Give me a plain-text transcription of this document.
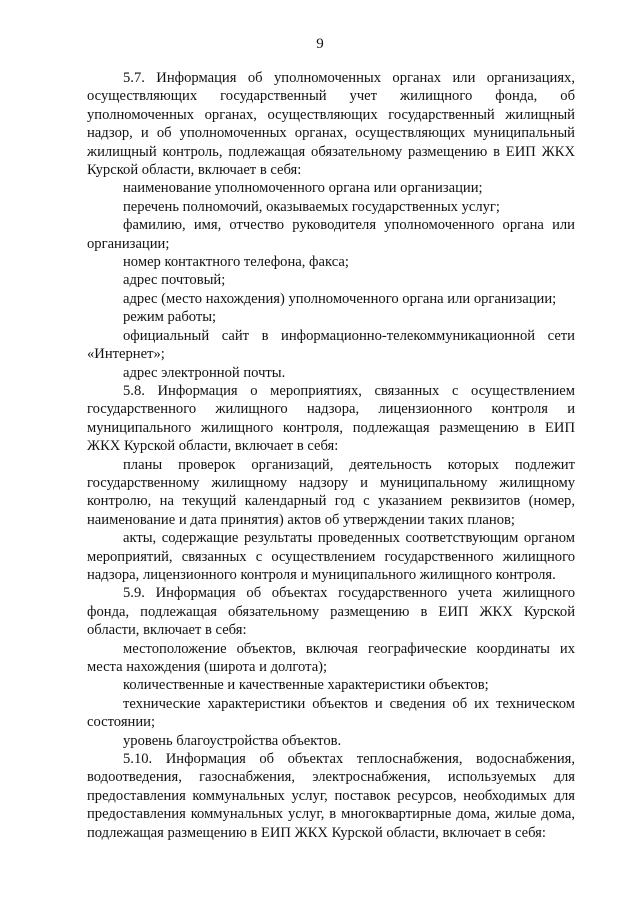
9

5.7. Информация об уполномоченных органах или организациях, осуществляющих государственный учет жилищного фонда, об уполномоченных органах, осуществляющих государственный жилищный надзор, и об уполномоченных органах, осуществляющих муниципальный жилищный контроль, подлежащая обязательному размещению в ЕИП ЖКХ Курской области, включает в себя:

наименование уполномоченного органа или организации;

перечень полномочий, оказываемых государственных услуг;

фамилию, имя, отчество руководителя уполномоченного органа или организации;

номер контактного телефона, факса;

адрес почтовый;

адрес (место нахождения) уполномоченного органа или организации;

режим работы;

официальный сайт в информационно-телекоммуникационной сети «Интернет»;

адрес электронной почты.

5.8. Информация о мероприятиях, связанных с осуществлением государственного жилищного надзора, лицензионного контроля и муниципального жилищного контроля, подлежащая размещению в ЕИП ЖКХ Курской области, включает в себя:

планы проверок организаций, деятельность которых подлежит государственному жилищному надзору и муниципальному жилищному контролю, на текущий календарный год с указанием реквизитов (номер, наименование и дата принятия) актов об утверждении таких планов;

акты, содержащие результаты проведенных соответствующим органом мероприятий, связанных с осуществлением государственного жилищного надзора, лицензионного контроля и муниципального жилищного контроля.

5.9. Информация об объектах государственного учета жилищного фонда, подлежащая обязательному размещению в ЕИП ЖКХ Курской области, включает в себя:

местоположение объектов, включая географические координаты их места нахождения (широта и долгота);

количественные и качественные характеристики объектов;

технические характеристики объектов и сведения об их техническом состоянии;

уровень благоустройства объектов.

5.10. Информация об объектах теплоснабжения, водоснабжения, водоотведения, газоснабжения, электроснабжения, используемых для предоставления коммунальных услуг, поставок ресурсов, необходимых для предоставления коммунальных услуг, в многоквартирные дома, жилые дома, подлежащая размещению в ЕИП ЖКХ Курской области, включает в себя:
